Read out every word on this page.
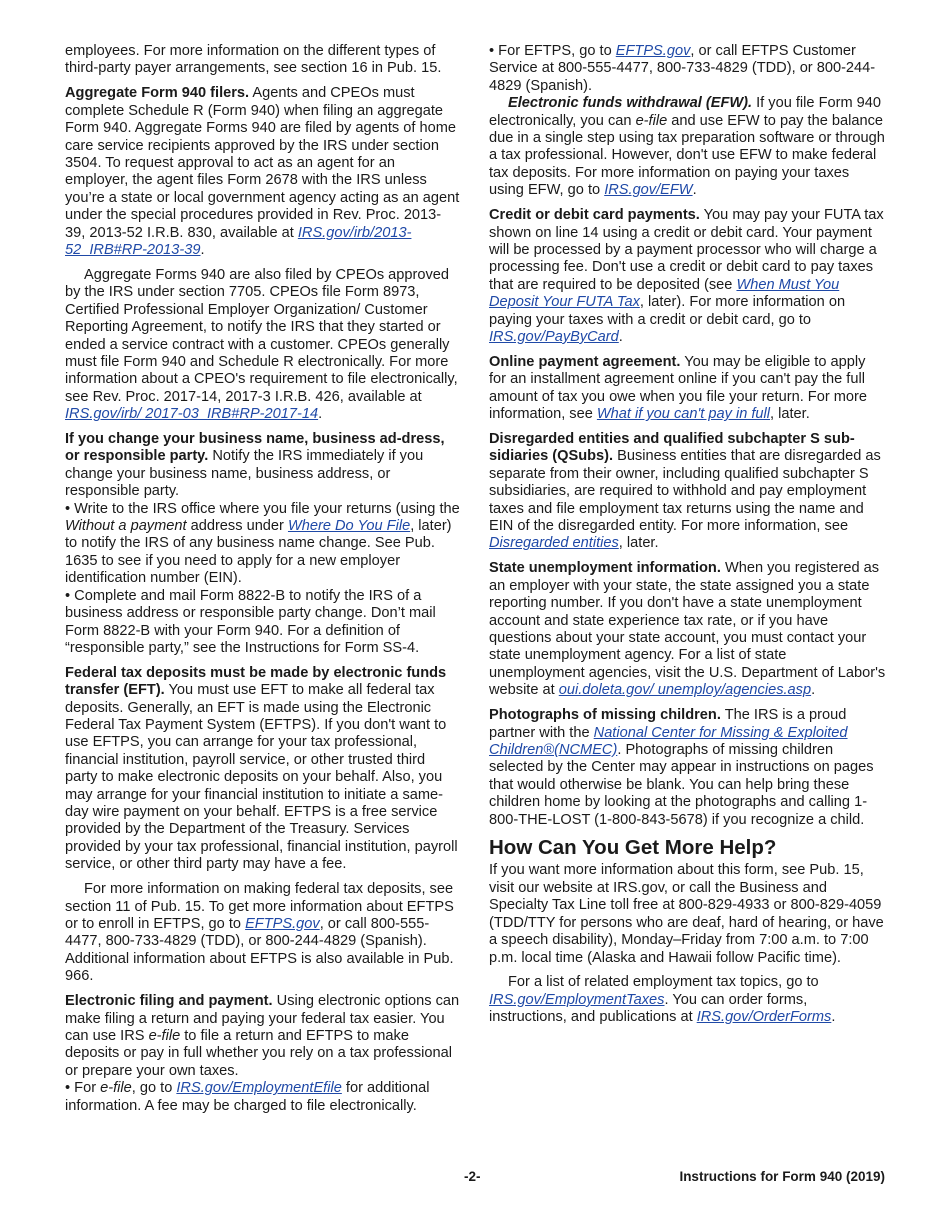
employees. For more information on the different types of third-party payer arrangements, see section 16 in Pub. 15.

Aggregate Form 940 filers. Agents and CPEOs must complete Schedule R (Form 940) when filing an aggregate Form 940. Aggregate Forms 940 are filed by agents of home care service recipients approved by the IRS under section 3504. To request approval to act as an agent for an employer, the agent files Form 2678 with the IRS unless you’re a state or local government agency acting as an agent under the special procedures provided in Rev. Proc. 2013-39, 2013-52 I.R.B. 830, available at IRS.gov/irb/2013-52_IRB#RP-2013-39.

Aggregate Forms 940 are also filed by CPEOs approved by the IRS under section 7705. CPEOs file Form 8973, Certified Professional Employer Organization/ Customer Reporting Agreement, to notify the IRS that they started or ended a service contract with a customer. CPEOs generally must file Form 940 and Schedule R electronically. For more information about a CPEO's requirement to file electronically, see Rev. Proc. 2017-14, 2017-3 I.R.B. 426, available at IRS.gov/irb/ 2017-03_IRB#RP-2017-14.

If you change your business name, business ad-dress, or responsible party. Notify the IRS immediately if you change your business name, business address, or responsible party.

• Write to the IRS office where you file your returns (using the Without a payment address under Where Do You File, later) to notify the IRS of any business name change. See Pub. 1635 to see if you need to apply for a new employer identification number (EIN).

• Complete and mail Form 8822-B to notify the IRS of a business address or responsible party change. Don’t mail Form 8822-B with your Form 940. For a definition of “responsible party,” see the Instructions for Form SS-4.

Federal tax deposits must be made by electronic funds transfer (EFT). You must use EFT to make all federal tax deposits. Generally, an EFT is made using the Electronic Federal Tax Payment System (EFTPS). If you don't want to use EFTPS, you can arrange for your tax professional, financial institution, payroll service, or other trusted third party to make electronic deposits on your behalf. Also, you may arrange for your financial institution to initiate a same-day wire payment on your behalf. EFTPS is a free service provided by the Department of the Treasury. Services provided by your tax professional, financial institution, payroll service, or other third party may have a fee.

For more information on making federal tax deposits, see section 11 of Pub. 15. To get more information about EFTPS or to enroll in EFTPS, go to EFTPS.gov, or call 800-555-4477, 800-733-4829 (TDD), or 800-244-4829 (Spanish). Additional information about EFTPS is also available in Pub. 966.

Electronic filing and payment. Using electronic options can make filing a return and paying your federal tax easier. You can use IRS e-file to file a return and EFTPS to make deposits or pay in full whether you rely on a tax professional or prepare your own taxes.

• For e-file, go to IRS.gov/EmploymentEfile for additional information. A fee may be charged to file electronically.

• For EFTPS, go to EFTPS.gov, or call EFTPS Customer Service at 800-555-4477, 800-733-4829 (TDD), or 800-244-4829 (Spanish).

Electronic funds withdrawal (EFW). If you file Form 940 electronically, you can e-file and use EFW to pay the balance due in a single step using tax preparation software or through a tax professional. However, don't use EFW to make federal tax deposits. For more information on paying your taxes using EFW, go to IRS.gov/EFW.

Credit or debit card payments. You may pay your FUTA tax shown on line 14 using a credit or debit card. Your payment will be processed by a payment processor who will charge a processing fee. Don't use a credit or debit card to pay taxes that are required to be deposited (see When Must You Deposit Your FUTA Tax, later). For more information on paying your taxes with a credit or debit card, go to IRS.gov/PayByCard.

Online payment agreement. You may be eligible to apply for an installment agreement online if you can't pay the full amount of tax you owe when you file your return. For more information, see What if you can't pay in full, later.

Disregarded entities and qualified subchapter S sub-sidiaries (QSubs). Business entities that are disregarded as separate from their owner, including qualified subchapter S subsidiaries, are required to withhold and pay employment taxes and file employment tax returns using the name and EIN of the disregarded entity. For more information, see Disregarded entities, later.

State unemployment information. When you registered as an employer with your state, the state assigned you a state reporting number. If you don't have a state unemployment account and state experience tax rate, or if you have questions about your state account, you must contact your state unemployment agency. For a list of state unemployment agencies, visit the U.S. Department of Labor's website at oui.doleta.gov/ unemploy/agencies.asp.

Photographs of missing children. The IRS is a proud partner with the National Center for Missing & Exploited Children®(NCMEC). Photographs of missing children selected by the Center may appear in instructions on pages that would otherwise be blank. You can help bring these children home by looking at the photographs and calling 1-800-THE-LOST (1-800-843-5678) if you recognize a child.

How Can You Get More Help?

If you want more information about this form, see Pub. 15, visit our website at IRS.gov, or call the Business and Specialty Tax Line toll free at 800-829-4933 or 800-829-4059 (TDD/TTY for persons who are deaf, hard of hearing, or have a speech disability), Monday–Friday from 7:00 a.m. to 7:00 p.m. local time (Alaska and Hawaii follow Pacific time).

For a list of related employment tax topics, go to IRS.gov/EmploymentTaxes. You can order forms, instructions, and publications at IRS.gov/OrderForms.

-2-	Instructions for Form 940 (2019)
